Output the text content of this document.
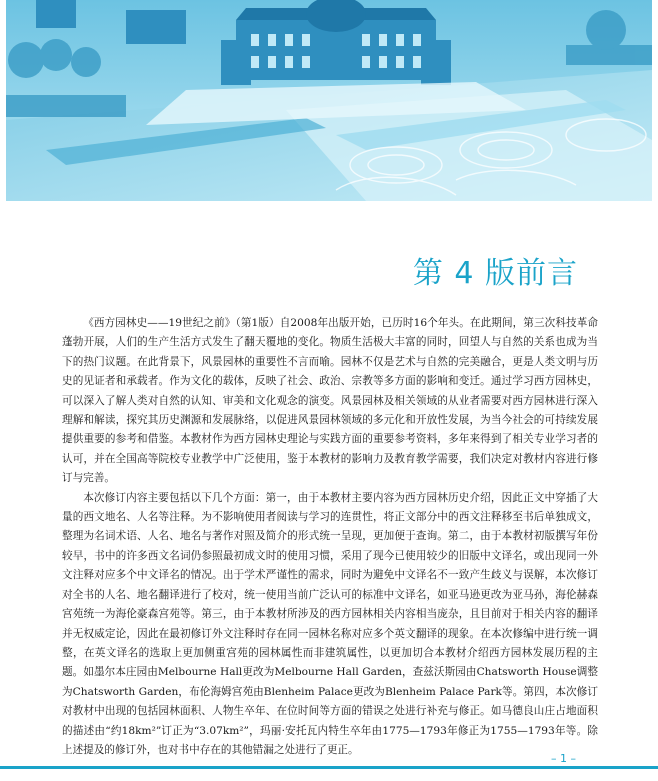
第 4 版前言

《西方园林史——19世纪之前》（第1版）自2008年出版开始，已历时16个年头。在此期间，第三次科技革命蓬勃开展，人们的生产生活方式发生了翻天覆地的变化。物质生活极大丰富的同时，回望人与自然的关系也成为当下的热门议题。在此背景下，风景园林的重要性不言而喻。园林不仅是艺术与自然的完美融合，更是人类文明与历史的见证者和承载者。作为文化的载体，反映了社会、政治、宗教等多方面的影响和变迁。通过学习西方园林史，可以深入了解人类对自然的认知、审美和文化观念的演变。风景园林及相关领域的从业者需要对西方园林进行深入理解和解读，探究其历史渊源和发展脉络，以促进风景园林领域的多元化和开放性发展，为当今社会的可持续发展提供重要的参考和借鉴。本教材作为西方园林史理论与实践方面的重要参考资料，多年来得到了相关专业学习者的认可，并在全国高等院校专业教学中广泛使用，鉴于本教材的影响力及教育教学需要，我们决定对教材内容进行修订与完善。

本次修订内容主要包括以下几个方面：第一，由于本教材主要内容为西方园林历史介绍，因此正文中穿插了大量的西文地名、人名等注释。为不影响使用者阅读与学习的连贯性，将正文部分中的西文注释移至书后单独成文，整理为名词术语、人名、地名与著作对照及简介的形式统一呈现，更加便于查询。第二，由于本教材初版撰写年份较早，书中的许多西文名词仍参照最初成文时的使用习惯，采用了现今已使用较少的旧版中文译名，或出现同一外文注释对应多个中文译名的情况。出于学术严谨性的需求，同时为避免中文译名不一致产生歧义与误解，本次修订对全书的人名、地名翻译进行了校对，统一使用当前广泛认可的标准中文译名，如亚马逊更改为亚马孙，海伦赫森宫苑统一为海伦豪森宫苑等。第三，由于本教材所涉及的西方园林相关内容相当庞杂，且目前对于相关内容的翻译并无权威定论，因此在最初修订外文注释时存在同一园林名称对应多个英文翻译的现象。在本次修编中进行统一调整，在英文译名的选取上更加侧重宫苑的园林属性而非建筑属性，以更加切合本教材介绍西方园林发展历程的主题。如墨尔本庄园由Melbourne Hall更改为Melbourne Hall Garden，查兹沃斯园由Chatsworth House调整为Chatsworth Garden，布伦海姆宫苑由Blenheim Palace更改为Blenheim Palace Park等。第四，本次修订对教材中出现的包括园林面积、人物生卒年、在位时间等方面的错误之处进行补充与修正。如马德良山庄占地面积的描述由“约18km²”订正为“3.07km²”，玛丽·安托瓦内特生卒年由1775—1793年修正为1755—1793年等。除上述提及的修订外，也对书中存在的其他错漏之处进行了更正。

– 1 –
